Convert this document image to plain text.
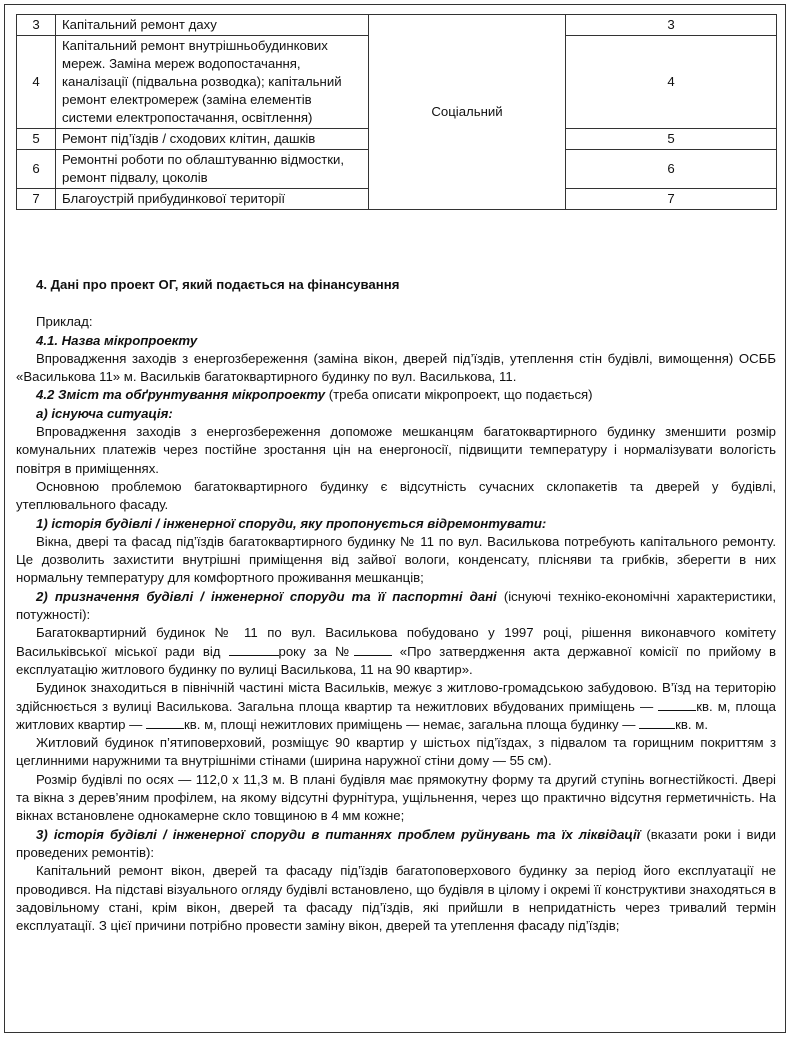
3	Капітальний ремонт даху	Соціальний	3
4	Капітальний ремонт внутрішньобудинкових мереж. Заміна мереж водопостачання, каналізації (підвальна розводка); капітальний ремонт електромереж (заміна елементів системи електропостачання, освітлення)		4
5	Ремонт під’їздів / сходових клітин, дашків		5
6	Ремонтні роботи по облаштуванню відмостки, ремонт підвалу, цоколів		6
7	Благоустрій прибудинкової території		7

4. Дані про проект ОГ, який подається на фінансування

Приклад:

4.1. Назва мікропроекту

Впровадження заходів з енергозбереження (заміна вікон, дверей під’їздів, утеплення стін будівлі, вимощення) ОСББ «Василькова 11» м. Васильків багатоквартирного будинку по вул. Василькова, 11.

4.2 Зміст та обґрунтування мікропроекту (треба описати мікропроект, що подається)

а) існуюча ситуація:

Впровадження заходів з енергозбереження допоможе мешканцям багатоквартирного будинку зменшити розмір комунальних платежів через постійне зростання цін на енергоносії, підвищити температуру і нормалізувати вологість повітря в приміщеннях.

Основною проблемою багатоквартирного будинку є відсутність сучасних склопакетів та дверей у будівлі, утеплювального фасаду.

1) історія будівлі / інженерної споруди, яку пропонується відремонтувати:

Вікна, двері та фасад під’їздів багатоквартирного будинку № 11 по вул. Василькова потребують капітального ремонту. Це дозволить захистити внутрішні приміщення від зайвої вологи, конденсату, плісняви та грибків, зберегти в них нормальну температуру для комфортного проживання мешканців;

2) призначення будівлі / інженерної споруди та її паспортні дані (існуючі техніко-економічні характеристики, потужності):

Багатоквартирний будинок № 11 по вул. Василькова побудовано у 1997 році, рішення виконавчого комітету Васильківської міської ради від	року за №	«Про затвердження акта державної комісії по прийому в експлуатацію житлового будинку по вулиці Василькова, 11 на 90 квартир».

Будинок знаходиться в північній частині міста Васильків, межує з житлово-громадською забудовою. В’їзд на територію здійснюється з вулиці Василькова. Загальна площа квартир та нежитлових вбудованих приміщень —	кв. м, площа житлових квартир —	кв. м, площі нежитлових приміщень — немає, загальна площа будинку —	кв. м.

Житловий будинок п’ятиповерховий, розміщує 90 квартир у шістьох під’їздах, з підвалом та горищним покриттям з цеглинними наружними та внутрішніми стінами (ширина наружної стіни дому — 55 см).

Розмір будівлі по осях — 112,0 х 11,3 м. В плані будівля має прямокутну форму та другий ступінь вогнестійкості. Двері та вікна з дерев’яним профілем, на якому відсутні фурнітура, ущільнення, через що практично відсутня герметичність. На вікнах встановлене однокамерне скло товщиною в 4 мм кожне;

3) історія будівлі / інженерної споруди в питаннях проблем руйнувань та їх ліквідації (вказати роки і види проведених ремонтів):

Капітальний ремонт вікон, дверей та фасаду під’їздів багатоповерхового будинку за період його експлуатації не проводився. На підставі візуального огляду будівлі встановлено, що будівля в цілому і окремі її конструктиви знаходяться в задовільному стані, крім вікон, дверей та фасаду під’їздів, які прийшли в непридатність через тривалий термін експлуатації. З цієї причини потрібно провести заміну вікон, дверей та утеплення фасаду під’їздів;
